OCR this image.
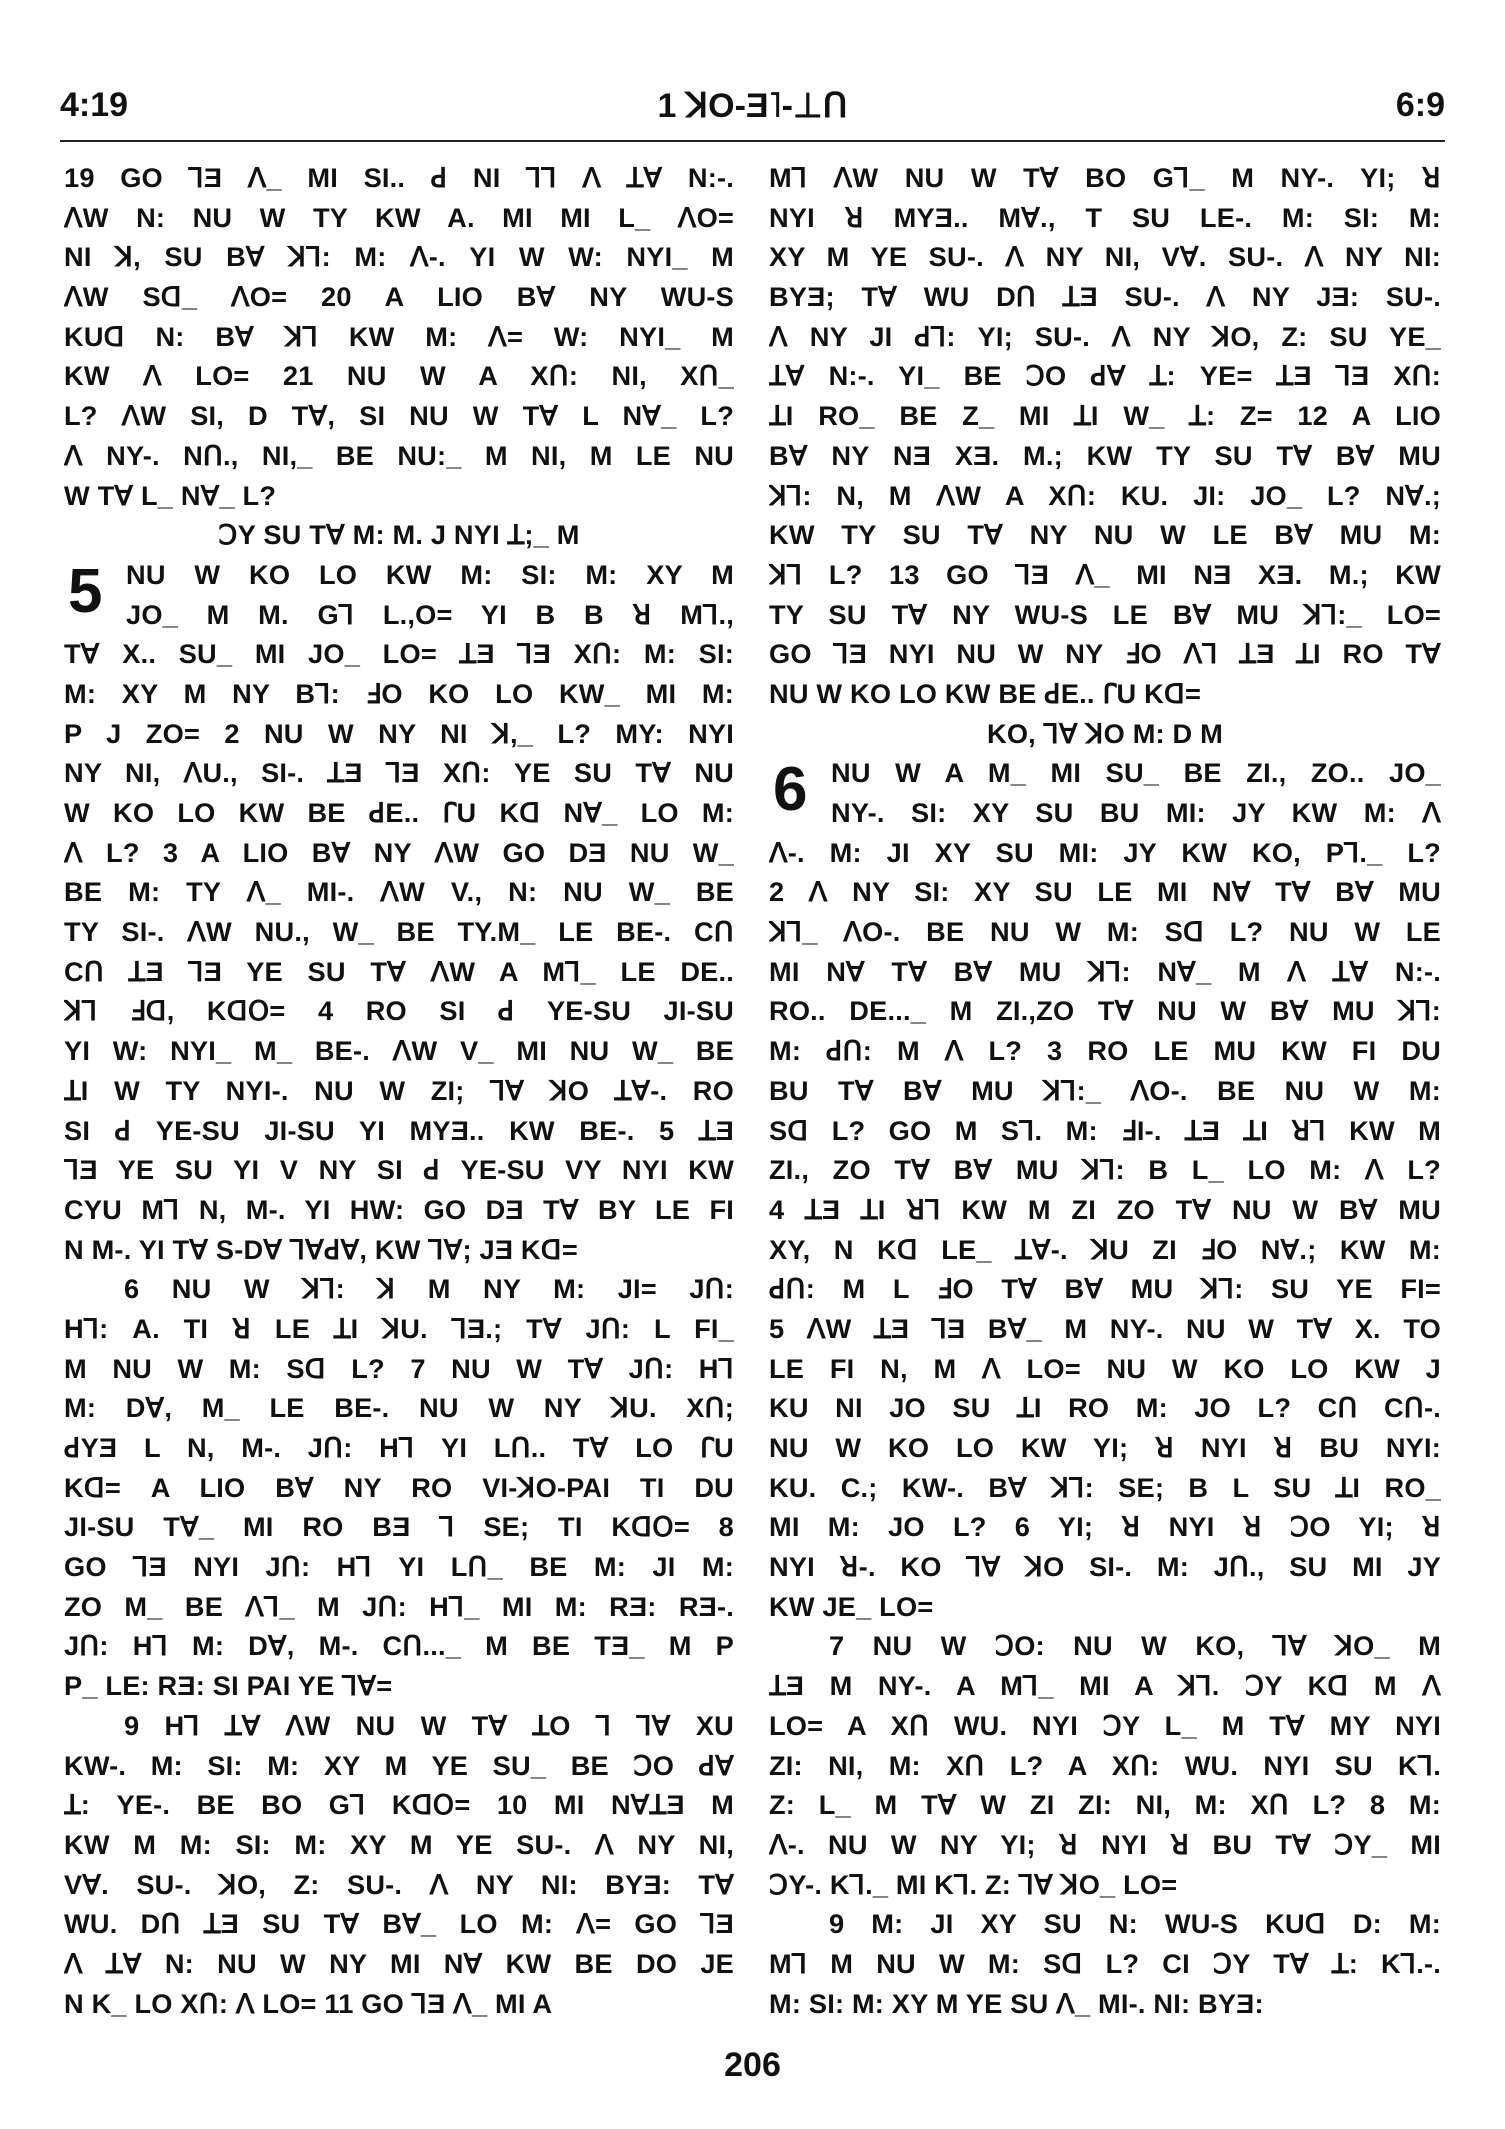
4:19	1 ꓘO-Ǝ˥-⊥Ո	6:9
19 GO ꓶƎ ꓥ_ MI SI.. ꓒ NI ꓶ⅂ ꓥ ꓕꓯ N:-.
ꓥW N: NU W TY KW A. MI MI L_ ꓥO=
NI ꓘ, SU Bꓯ ꓘ⅂: M: ꓥ-. YI W W: NYI_ M
ꓥW Sꓷ_ ꓥO= 20 A LIO Bꓯ NY WU-S
KUꓷ N: Bꓯ ꓘ⅂ KW M: ꓥ= W: NYI_ M
KW ꓥ LO= 21 NU W A Xꓵ: NI, Xꓵ_
L? ꓥW SI, D Tꓯ, SI NU W Tꓯ L Nꓯ_ L?
ꓥ NY-. Nꓵ., NI,_ BE NU:_ M NI, M LE NU
W Tꓯ L_ Nꓯ_ L?
ꓛY SU Tꓯ M: M. J NYI ꓕ;_ M
5 NU W KO LO KW M: SI: M: XY M
JO_ M M. Gꓶ L.,O= YI B B ꓤ Mꓶ.,
Tꓯ X.. SU_ MI JO_ LO= ꓕƎ ꓶƎ Xꓵ: M: SI:
M: XY M NY Bꓶ: ꓞO KO LO KW_ MI M:
P J ZO= 2 NU W NY NI ꓘ,_ L? MY: NYI
NY NI, ꓥU., SI-. ꓕƎ ꓶƎ Xꓵ: YE SU Tꓯ NU
W KO LO KW BE ꓒE.. ꓩU Kꓷ Nꓯ_ LO M:
ꓥ L? 3 A LIO Bꓯ NY ꓥW GO DƎ NU W_
BE M: TY ꓥ_ MI-. ꓥW V., N: NU W_ BE
TY SI-. ꓥW NU., W_ BE TY.M_ LE BE-. Cꓵ
Cꓵ ꓕƎ ꓶƎ YE SU Tꓯ ꓥW A Mꓶ_ LE DE..
ꓘ⅂ ꓞꓷ, Kꓷꓳ= 4 RO SI ꓒ YE-SU JI-SU
YI W: NYI_ M_ BE-. ꓥW V_ MI NU W_ BE
ꓕI W TY NYI-. NU W ZI; ꓶꓯ ꓘO ꓕꓯ-. RO
SI ꓒ YE-SU JI-SU YI MYƎ.. KW BE-. 5 ꓕƎ
ꓶƎ YE SU YI V NY SI ꓒ YE-SU VY NYI KW
CYU Mꓶ N, M-. YI HW: GO DƎ Tꓯ BY LE FI
N M-. YI Tꓯ S-Dꓯ ꓶꓯꓒꓯ, KW ꓶꓯ; JƎ Kꓷ=
6 NU W ꓘ⅂: ꓘ M NY M: JI= Jꓵ:
Hꓶ: A. TI ꓤ LE ꓕI ꓘU. ꓶƎ.; Tꓯ Jꓵ: L FI_
M NU W M: Sꓷ L? 7 NU W Tꓯ Jꓵ: Hꓶ
M: Dꓯ, M_ LE BE-. NU W NY ꓘU. Xꓵ;
ꓒYƎ L N, M-. Jꓵ: Hꓶ YI Lꓵ.. Tꓯ LO ꓩU
Kꓷ= A LIO Bꓯ NY RO VI-ꓘO-PAI TI DU
JI-SU Tꓯ_ MI RO BƎ ꓶ SE; TI Kꓷꓳ= 8
GO ꓶƎ NYI Jꓵ: Hꓶ YI Lꓵ_ BE M: JI M:
ZO M_ BE ꓥꓶ_ M Jꓵ: Hꓶ_ MI M: RƎ: RƎ-.
Jꓵ: Hꓶ M: Dꓯ, M-. Cꓵ..._ M BE TƎ_ M P
P_ LE: RƎ: SI PAI YE ꓶꓯ=
9 Hꓶ ꓕꓯ ꓥW NU W Tꓯ ꓕO ꓶ ꓶꓯ XU
KW-. M: SI: M: XY M YE SU_ BE ꓛO ꓒꓯ
ꓕ: YE-. BE BO Gꓶ Kꓷꓳ= 10 MI NꓯꓕƎ M
KW M M: SI: M: XY M YE SU-. ꓥ NY NI,
Vꓯ. SU-. ꓘO, Z: SU-. ꓥ NY NI: BYƎ: Tꓯ
WU. Dꓵ ꓕƎ SU Tꓯ Bꓯ_ LO M: ꓥ= GO ꓶƎ
ꓥ ꓕꓯ N: NU W NY MI Nꓯ KW BE DO JE
N K_ LO Xꓵ: ꓥ LO= 11 GO ꓶƎ ꓥ_ MI A
Mꓶ ꓥW NU W Tꓯ BO Gꓶ_ M NY-. YI; ꓤ
NYI ꓤ MYƎ.. Mꓯ., T SU LE-. M: SI: M:
XY M YE SU-. ꓥ NY NI, Vꓯ. SU-. ꓥ NY NI:
BYƎ; Tꓯ WU Dꓵ ꓕƎ SU-. ꓥ NY JƎ: SU-.
ꓥ NY JI ꓒꓶ: YI; SU-. ꓥ NY ꓘO, Z: SU YE_
ꓕꓯ N:-. YI_ BE ꓛO ꓒꓯ ꓕ: YE= ꓕƎ ꓶƎ Xꓵ:
ꓕI RO_ BE Z_ MI ꓕI W_ ꓕ: Z= 12 A LIO
Bꓯ NY NƎ XƎ. M.; KW TY SU Tꓯ Bꓯ MU
ꓘ⅂: N, M ꓥW A Xꓵ: KU. JI: JO_ L? Nꓯ.;
KW TY SU Tꓯ NY NU W LE Bꓯ MU M:
ꓘ⅂ L? 13 GO ꓶƎ ꓥ_ MI NƎ XƎ. M.; KW
TY SU Tꓯ NY WU-S LE Bꓯ MU ꓘ⅂:_ LO=
GO ꓶƎ NYI NU W NY ꓞO ꓥ⅂ ꓕƎ ꓕI RO Tꓯ
NU W KO LO KW BE ꓒE.. ꓩU Kꓷ=
KO, ꓶꓯ ꓘO M: D M
6 NU W A M_ MI SU_ BE ZI., ZO.. JO_
NY-. SI: XY SU BU MI: JY KW M: ꓥ
ꓥ-. M: JI XY SU MI: JY KW KO, Pꓶ._ L?
2 ꓥ NY SI: XY SU LE MI Nꓯ Tꓯ Bꓯ MU
ꓘ⅂_ ꓥO-. BE NU W M: Sꓷ L? NU W LE
MI Nꓯ Tꓯ Bꓯ MU ꓘ⅂: Nꓯ_ M ꓥ ꓕꓯ N:-.
RO.. DE..._ M ZI.,ZO Tꓯ NU W Bꓯ MU ꓘ⅂:
M: ꓒꓵ: M ꓥ L? 3 RO LE MU KW FI DU
BU Tꓯ Bꓯ MU ꓘ⅂:_ ꓥO-. BE NU W M:
Sꓷ L? GO M Sꓶ. M: ꓞI-. ꓕƎ ꓕI ꓤ⅂ KW M
ZI., ZO Tꓯ Bꓯ MU ꓘ⅂: B L_ LO M: ꓥ L?
4 ꓕƎ ꓕI ꓤ⅂ KW M ZI ZO Tꓯ NU W Bꓯ MU
XY, N Kꓷ LE_ ꓕꓯ-. ꓘU ZI ꓞO Nꓯ.; KW M:
ꓒꓵ: M L ꓞO Tꓯ Bꓯ MU ꓘ⅂: SU YE FI=
5 ꓥW ꓕƎ ꓶƎ Bꓯ_ M NY-. NU W Tꓯ X. TO
LE FI N, M ꓥ LO= NU W KO LO KW J
KU NI JO SU ꓕI RO M: JO L? Cꓵ Cꓵ-.
NU W KO LO KW YI; ꓤ NYI ꓤ BU NYI:
KU. C.; KW-. Bꓯ ꓘ⅂: SE; B L SU ꓕI RO_
MI M: JO L? 6 YI; ꓤ NYI ꓤ ꓛO YI; ꓤ
NYI ꓤ-. KO ꓶꓯ ꓘO SI-. M: Jꓵ., SU MI JY
KW JE_ LO=
7 NU W ꓛO: NU W KO, ꓶꓯ ꓘO_ M
ꓕƎ M NY-. A Mꓶ_ MI A ꓘ⅂. ꓛY Kꓷ M ꓥ
LO= A Xꓵ WU. NYI ꓛY L_ M Tꓯ MY NYI
ZI: NI, M: Xꓵ L? A Xꓵ: WU. NYI SU Kꓶ.
Z: L_ M Tꓯ W ZI ZI: NI, M: Xꓵ L? 8 M:
ꓥ-. NU W NY YI; ꓤ NYI ꓤ BU Tꓯ ꓛY_ MI
ꓛY-. Kꓶ._ MI Kꓶ. Z: ꓶꓯ ꓘO_ LO=
9 M: JI XY SU N: WU-S KUꓷ D: M:
Mꓶ M NU W M: Sꓷ L? CI ꓛY Tꓯ ꓕ: Kꓶ.-.
M: SI: M: XY M YE SU ꓥ_ MI-. NI: BYƎ:
206
